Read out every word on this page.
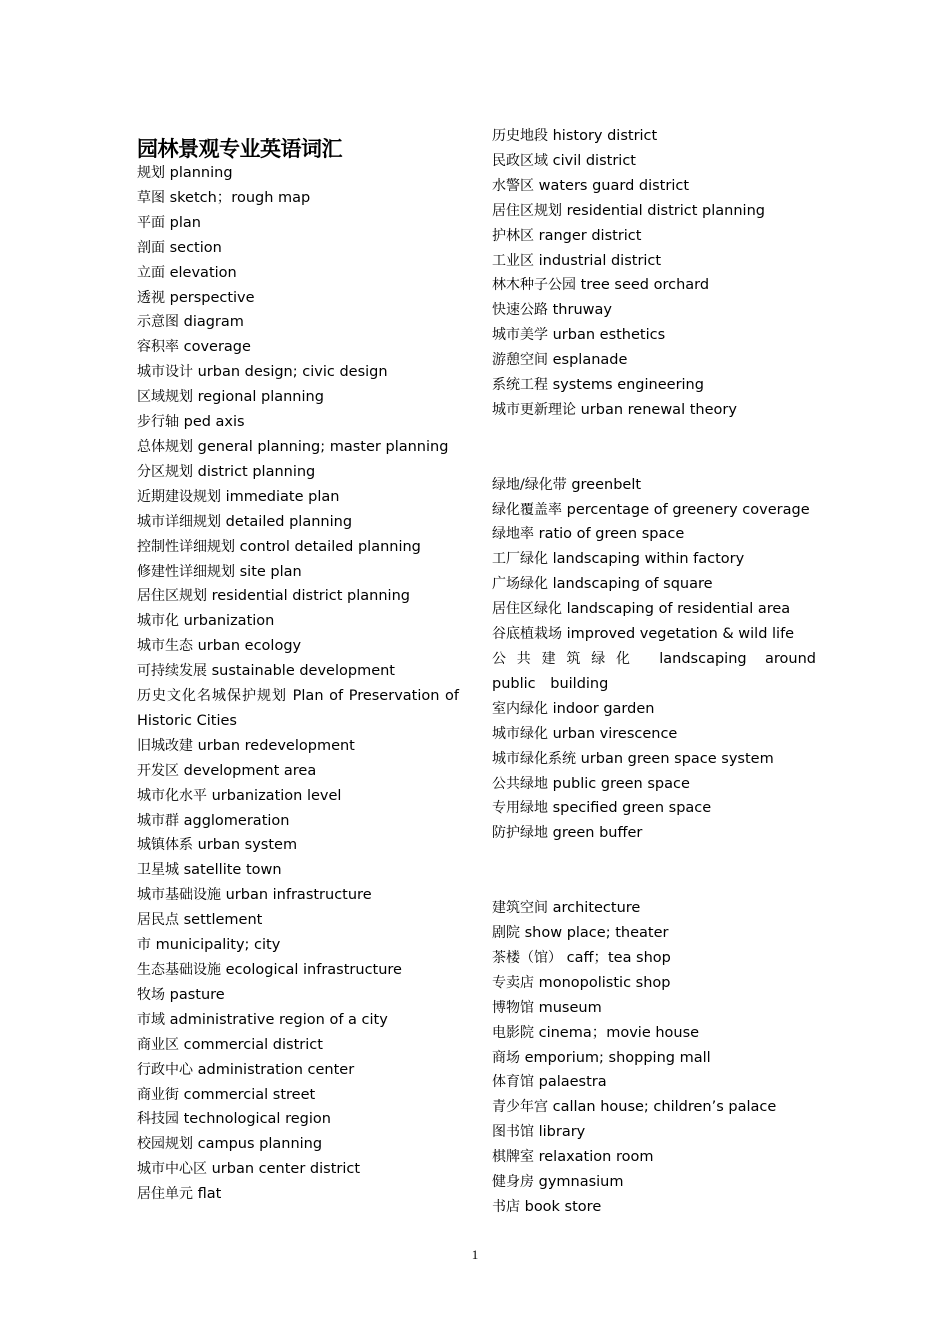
园林景观专业英语词汇
规划 planning
草图 sketch；rough map
平面 plan
剖面 section
立面 elevation
透视 perspective
示意图 diagram
容积率 coverage
城市设计 urban design; civic design
区域规划 regional planning
步行轴 ped axis
总体规划 general planning; master planning
分区规划 district planning
近期建设规划 immediate plan
城市详细规划 detailed planning
控制性详细规划 control detailed planning
修建性详细规划 site plan
居住区规划 residential district planning
城市化 urbanization
城市生态 urban ecology
可持续发展 sustainable development
历史文化名城保护规划 Plan of Preservation of Historic Cities
旧城改建 urban redevelopment
开发区 development area
城市化水平 urbanization level
城市群 agglomeration
城镇体系 urban system
卫星城 satellite town
城市基础设施 urban infrastructure
居民点 settlement
市 municipality; city
生态基础设施 ecological infrastructure
牧场 pasture
市域 administrative region of a city
商业区 commercial district
行政中心 administration center
商业街 commercial street
科技园 technological region
校园规划 campus planning
城市中心区 urban center district
居住单元 flat
历史地段 history district
民政区域 civil district
水警区 waters guard district
居住区规划 residential district planning
护林区 ranger district
工业区 industrial district
林木种子公园 tree seed orchard
快速公路 thruway
城市美学 urban esthetics
游憩空间 esplanade
系统工程 systems engineering
城市更新理论 urban renewal theory
绿地/绿化带 greenbelt
绿化覆盖率 percentage of greenery coverage
绿地率 ratio of green space
工厂绿化 landscaping within factory
广场绿化 landscaping of square
居住区绿化 landscaping of residential area
谷底植栽场 improved vegetation & wild life
公共建筑绿化 landscaping around public building
室内绿化 indoor garden
城市绿化 urban virescence
城市绿化系统 urban green space system
公共绿地 public green space
专用绿地 specified green space
防护绿地 green buffer
建筑空间 architecture
剧院 show place; theater
茶楼（馆） caff；tea shop
专卖店 monopolistic shop
博物馆 museum
电影院 cinema；movie house
商场 emporium; shopping mall
体育馆 palaestra
青少年宫 callan house; children’s palace
图书馆 library
棋牌室 relaxation room
健身房 gymnasium
书店 book store
1
